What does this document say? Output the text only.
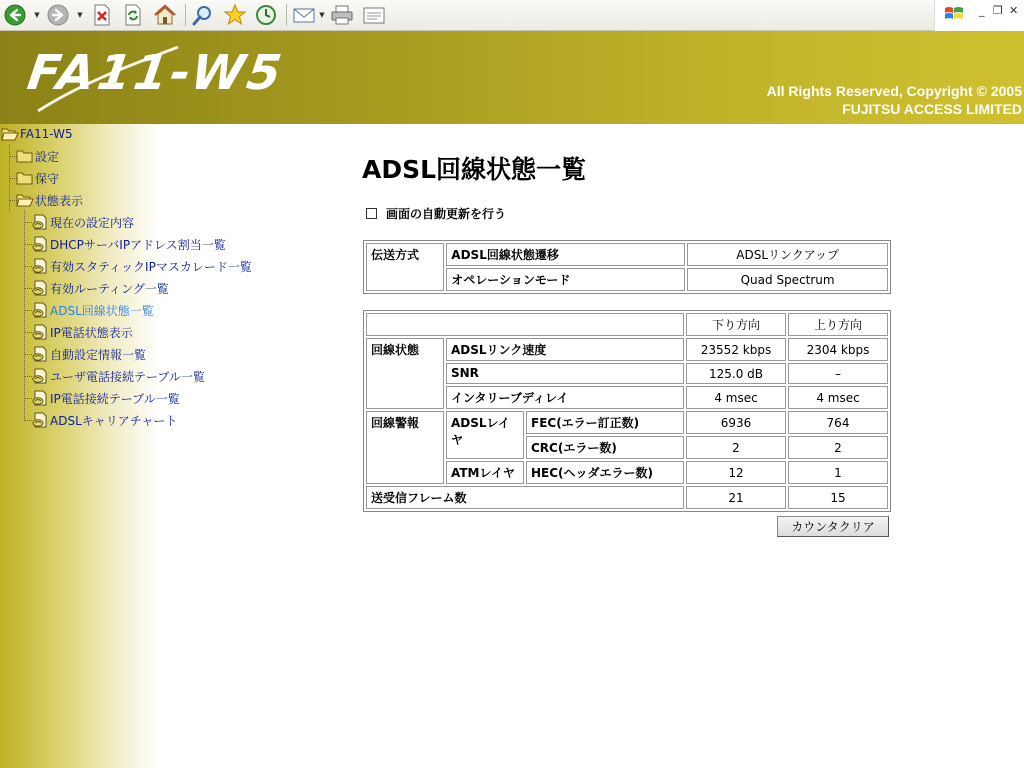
▼	▼	▼	_ ❐ ✕
FA11-W5	All Rights Reserved, Copyright © 2005
FUJITSU ACCESS LIMITED
FA11-W5
設定
保守
状態表示
現在の設定内容
DHCPサーバIPアドレス割当一覧
有効スタティックIPマスカレード一覧
有効ルーティング一覧
ADSL回線状態一覧
IP電話状態表示
自動設定情報一覧
ユーザ電話接続テーブル一覧
IP電話接続テーブル一覧
ADSLキャリアチャート
ADSL回線状態一覧
画面の自動更新を行う
伝送方式	ADSL回線状態遷移	ADSLリンクアップ
	オペレーションモード	Quad Spectrum
			下り方向	上り方向
回線状態	ADSLリンク速度		23552 kbps	2304 kbps
	SNR		125.0 dB	–
	インタリーブディレイ		4 msec	4 msec
回線警報	ADSLレイヤ	FEC(エラー訂正数)	6936	764
		CRC(エラー数)	2	2
	ATMレイヤ	HEC(ヘッダエラー数)	12	1
送受信フレーム数			21	15
カウンタクリア
